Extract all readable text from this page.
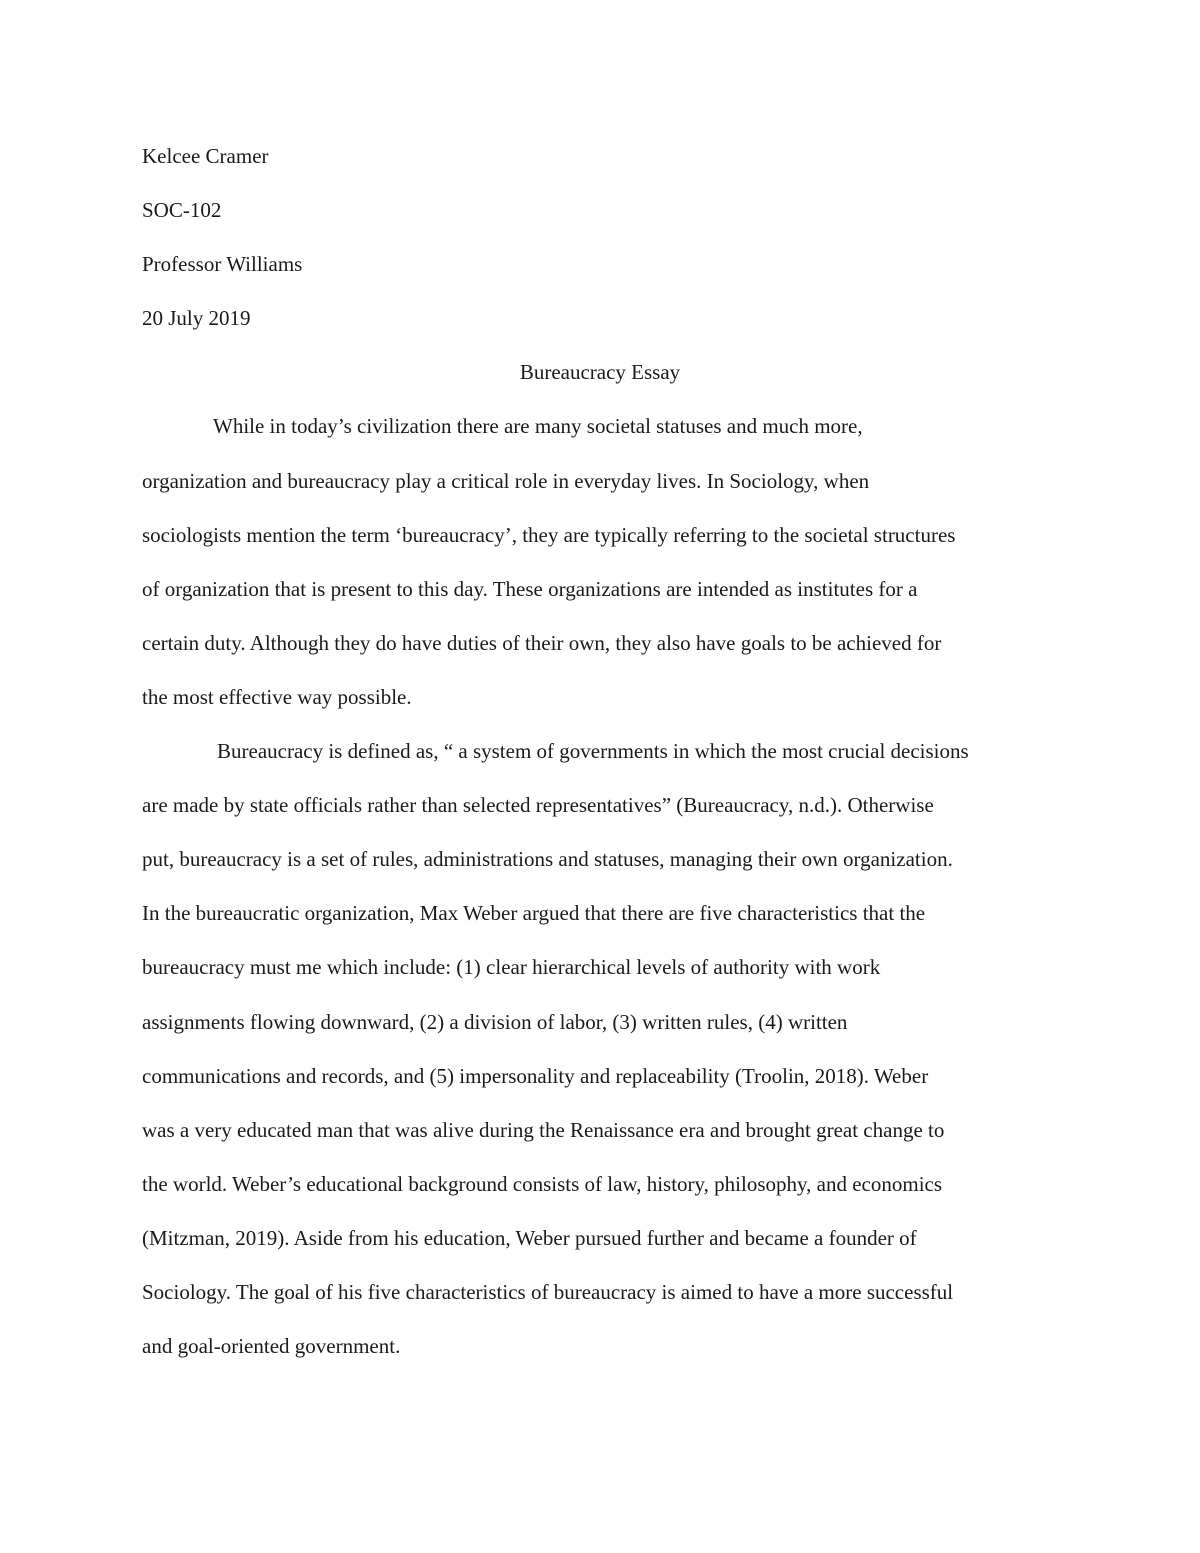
Kelcee Cramer
SOC-102
Professor Williams
20 July 2019
Bureaucracy Essay
While in today’s civilization there are many societal statuses and much more,
organization and bureaucracy play a critical role in everyday lives. In Sociology, when
sociologists mention the term ‘bureaucracy’, they are typically referring to the societal structures
of organization that is present to this day. These organizations are intended as institutes for a
certain duty. Although they do have duties of their own, they also have goals to be achieved for
the most effective way possible.
Bureaucracy is defined as, “ a system of governments in which the most crucial decisions
are made by state officials rather than selected representatives” (Bureaucracy, n.d.). Otherwise
put, bureaucracy is a set of rules, administrations and statuses, managing their own organization.
In the bureaucratic organization, Max Weber argued that there are five characteristics that the
bureaucracy must me which include: (1) clear hierarchical levels of authority with work
assignments flowing downward, (2) a division of labor, (3) written rules, (4) written
communications and records, and (5) impersonality and replaceability (Troolin, 2018). Weber
was a very educated man that was alive during the Renaissance era and brought great change to
the world. Weber’s educational background consists of law, history, philosophy, and economics
(Mitzman, 2019). Aside from his education, Weber pursued further and became a founder of
Sociology. The goal of his five characteristics of bureaucracy is aimed to have a more successful
and goal-oriented government.
